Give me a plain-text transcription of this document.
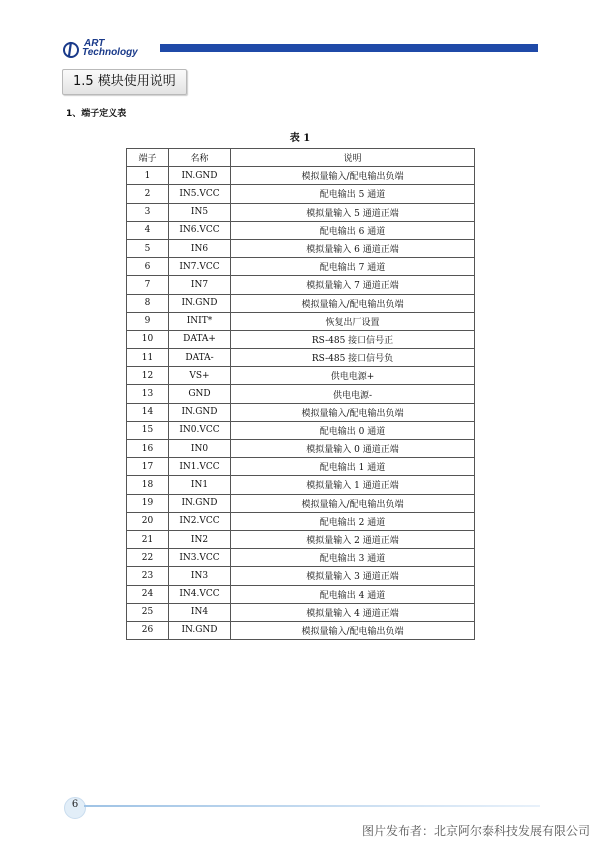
ART
Technology
1.5 模块使用说明
1、端子定义表
表 1
端子	名称	说明
1	IN.GND	模拟量输入/配电输出负端
2	IN5.VCC	配电输出 5 通道
3	IN5	模拟量输入 5 通道正端
4	IN6.VCC	配电输出 6 通道
5	IN6	模拟量输入 6 通道正端
6	IN7.VCC	配电输出 7 通道
7	IN7	模拟量输入 7 通道正端
8	IN.GND	模拟量输入/配电输出负端
9	INIT*	恢复出厂设置
10	DATA+	RS-485 接口信号正
11	DATA-	RS-485 接口信号负
12	VS+	供电电源+
13	GND	供电电源-
14	IN.GND	模拟量输入/配电输出负端
15	IN0.VCC	配电输出 0 通道
16	IN0	模拟量输入 0 通道正端
17	IN1.VCC	配电输出 1 通道
18	IN1	模拟量输入 1 通道正端
19	IN.GND	模拟量输入/配电输出负端
20	IN2.VCC	配电输出 2 通道
21	IN2	模拟量输入 2 通道正端
22	IN3.VCC	配电输出 3 通道
23	IN3	模拟量输入 3 通道正端
24	IN4.VCC	配电输出 4 通道
25	IN4	模拟量输入 4 通道正端
26	IN.GND	模拟量输入/配电输出负端
6
图片发布者：北京阿尔泰科技发展有限公司
